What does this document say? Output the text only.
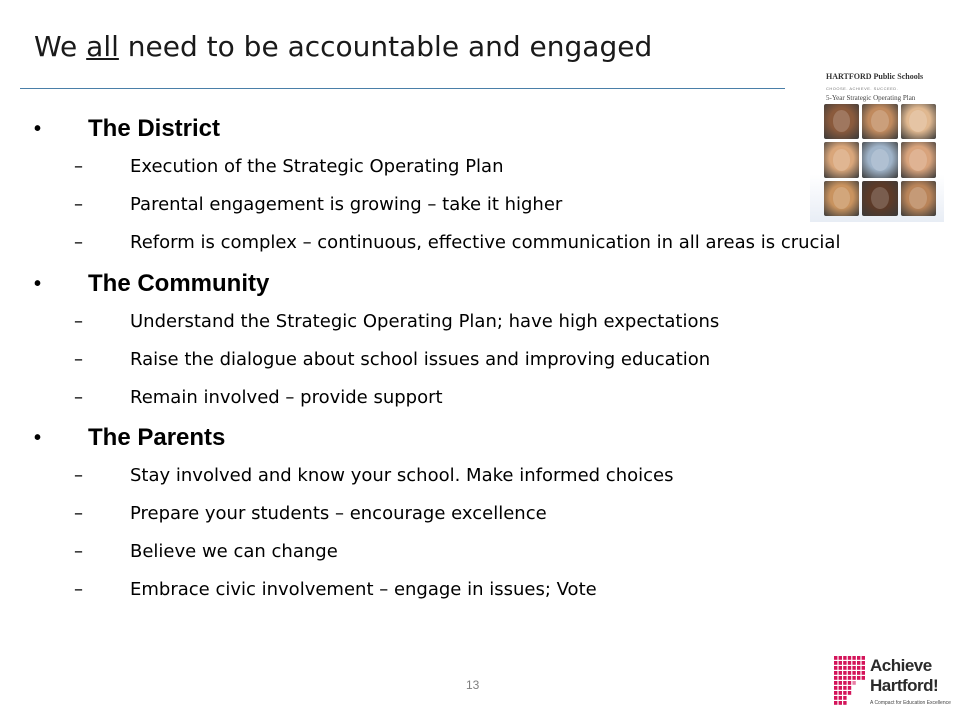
We all need to be accountable and engaged
• The District
–	Execution of the Strategic Operating Plan
–	Parental engagement is growing – take it higher
–	Reform is complex – continuous, effective communication in all areas is crucial
• The Community
–	Understand the Strategic Operating Plan; have high expectations
–	Raise the dialogue about school issues and improving education
–	Remain involved – provide support
• The Parents
–	Stay involved and know your school. Make informed choices
–	Prepare your students – encourage excellence
–	Believe we can change
–	Embrace civic involvement – engage in issues; Vote
HARTFORD Public Schools
CHOOSE. ACHIEVE. SUCCEED.
5-Year Strategic Operating Plan
13
Achieve
Hartford!
A Compact for Education Excellence
